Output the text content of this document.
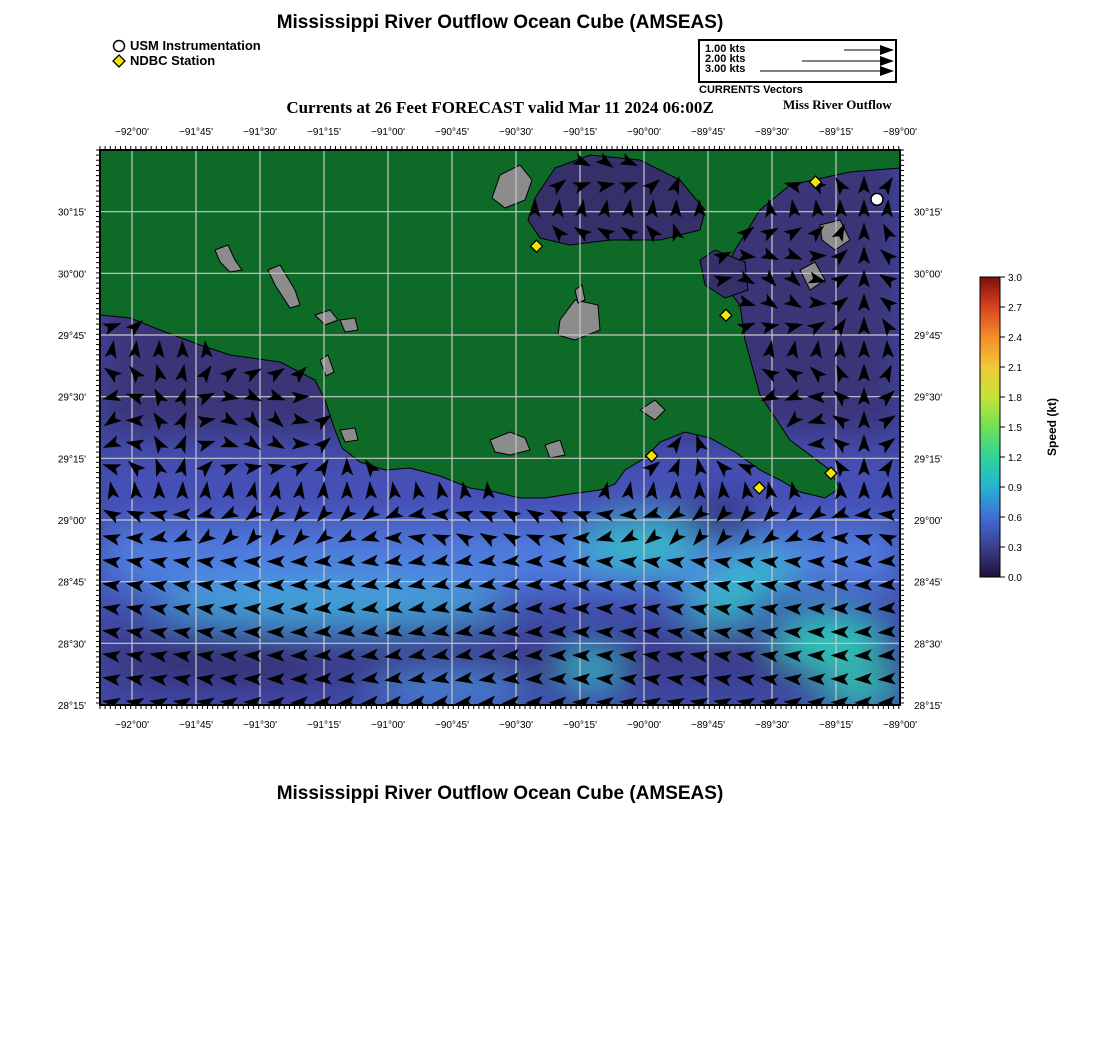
Mississippi River Outflow Ocean Cube (AMSEAS)
USM Instrumentation
NDBC Station
1.00 kts
2.00 kts
3.00 kts
CURRENTS Vectors
Currents at 26 Feet FORECAST valid Mar 11 2024 06:00Z	Miss River Outflow
−92°00'
−92°00'
−91°45'
−91°45'
−91°30'
−91°30'
−91°15'
−91°15'
−91°00'
−91°00'
−90°45'
−90°45'
−90°30'
−90°30'
−90°15'
−90°15'
−90°00'
−90°00'
−89°45'
−89°45'
−89°30'
−89°30'
−89°15'
−89°15'
−89°00'
−89°00'
30°15'	30°15'
30°00'	30°00'
29°45'	29°45'
29°30'	29°30'
29°15'	29°15'
29°00'	29°00'
28°45'	28°45'
28°30'	28°30'
28°15'	28°15'
3.0
2.7
2.4
2.1
1.8
1.5
1.2
0.9
0.6
0.3
0.0
Speed (kt)
Mississippi River Outflow Ocean Cube (AMSEAS)
